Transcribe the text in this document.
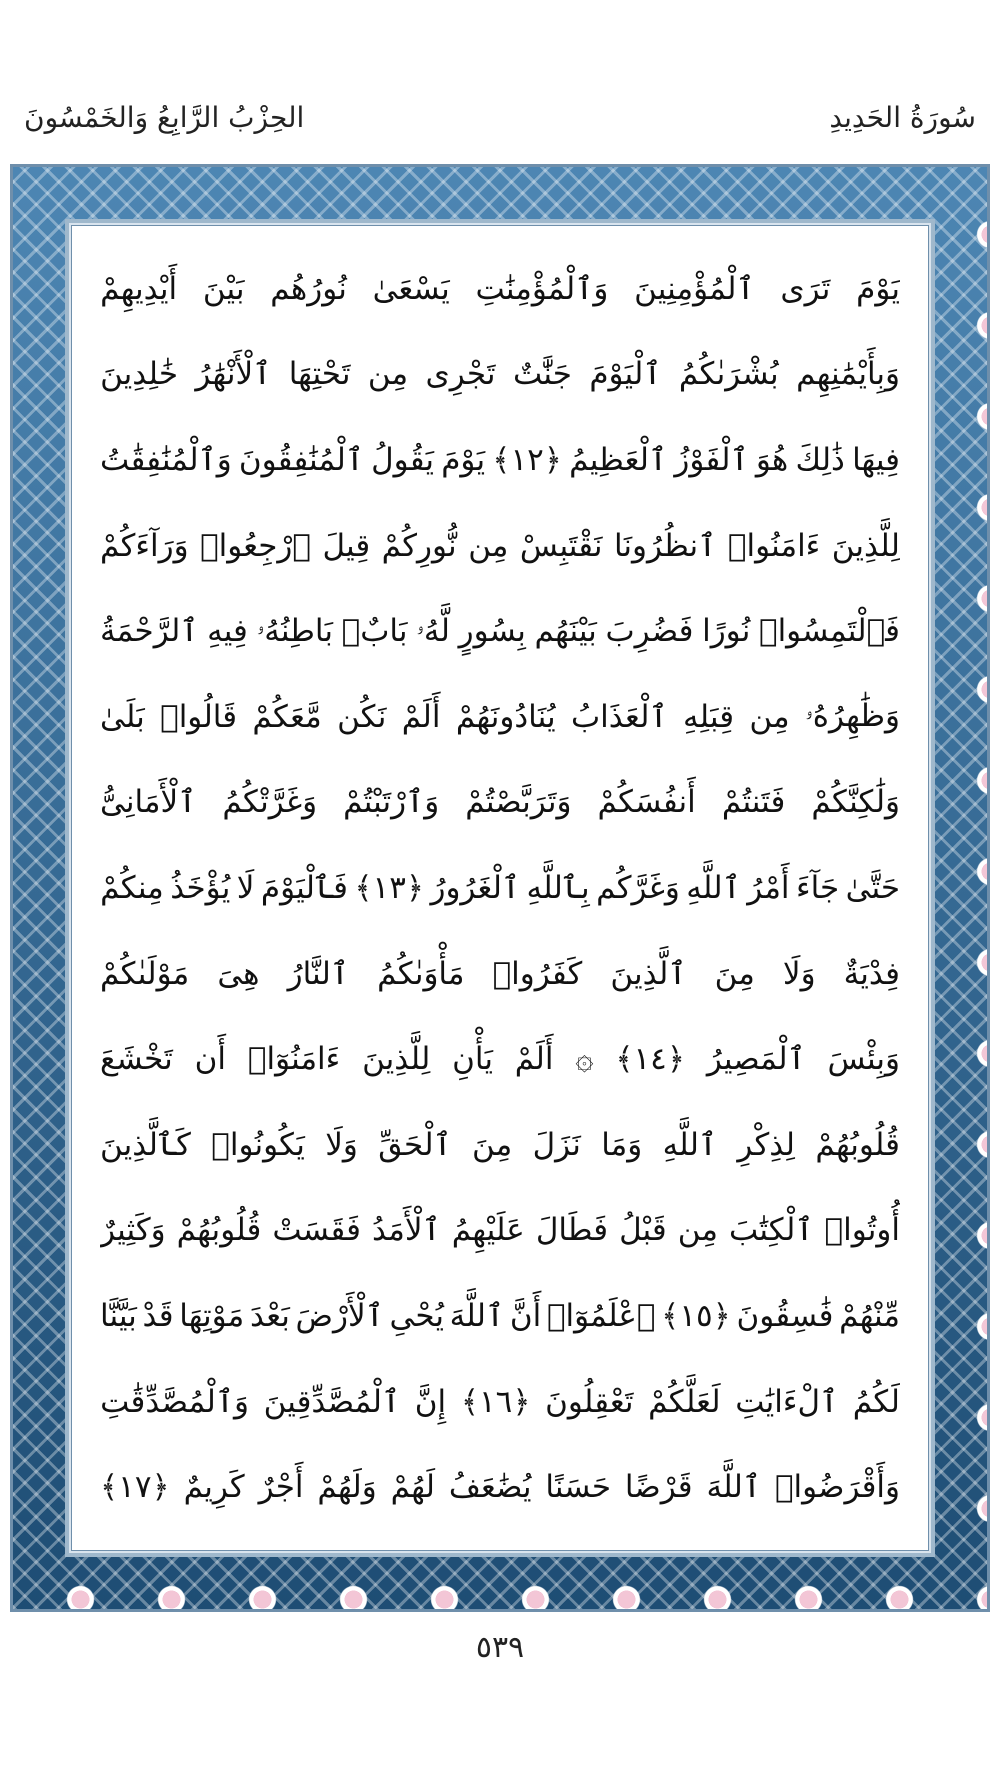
سُورَةُ الحَدِيدِ
الحِزْبُ الرَّابِعُ وَالخَمْسُونَ
يَوْمَ
تَرَى
ٱلْمُؤْمِنِينَ
وَٱلْمُؤْمِنَٰتِ
يَسْعَىٰ
نُورُهُم
بَيْنَ
أَيْدِيهِمْ
وَبِأَيْمَٰنِهِم
بُشْرَىٰكُمُ
ٱلْيَوْمَ
جَنَّٰتٌ
تَجْرِى
مِن
تَحْتِهَا
ٱلْأَنْهَٰرُ
خَٰلِدِينَ
فِيهَا
ذَٰلِكَ
هُوَ
ٱلْفَوْزُ
ٱلْعَظِيمُ
﴿١٢﴾
يَوْمَ
يَقُولُ
ٱلْمُنَٰفِقُونَ
وَٱلْمُنَٰفِقَٰتُ
لِلَّذِينَ
ءَامَنُوا۟
ٱنظُرُونَا
نَقْتَبِسْ
مِن
نُّورِكُمْ
قِيلَ
ٱرْجِعُوا۟
وَرَآءَكُمْ
فَٱلْتَمِسُوا۟
نُورًا
فَضُرِبَ
بَيْنَهُم
بِسُورٍ
لَّهُۥ
بَابٌۢ
بَاطِنُهُۥ
فِيهِ
ٱلرَّحْمَةُ
وَظَٰهِرُهُۥ
مِن
قِبَلِهِ
ٱلْعَذَابُ
يُنَادُونَهُمْ
أَلَمْ
نَكُن
مَّعَكُمْ
قَالُوا۟
بَلَىٰ
وَلَٰكِنَّكُمْ
فَتَنتُمْ
أَنفُسَكُمْ
وَتَرَبَّصْتُمْ
وَٱرْتَبْتُمْ
وَغَرَّتْكُمُ
ٱلْأَمَانِىُّ
حَتَّىٰ
جَآءَ
أَمْرُ
ٱللَّهِ
وَغَرَّكُم
بِٱللَّهِ
ٱلْغَرُورُ
﴿١٣﴾
فَٱلْيَوْمَ
لَا
يُؤْخَذُ
مِنكُمْ
فِدْيَةٌ
وَلَا
مِنَ
ٱلَّذِينَ
كَفَرُوا۟
مَأْوَىٰكُمُ
ٱلنَّارُ
هِىَ
مَوْلَىٰكُمْ
وَبِئْسَ
ٱلْمَصِيرُ
﴿١٤﴾
۞
أَلَمْ
يَأْنِ
لِلَّذِينَ
ءَامَنُوٓا۟
أَن
تَخْشَعَ
قُلُوبُهُمْ
لِذِكْرِ
ٱللَّهِ
وَمَا
نَزَلَ
مِنَ
ٱلْحَقِّ
وَلَا
يَكُونُوا۟
كَٱلَّذِينَ
أُوتُوا۟
ٱلْكِتَٰبَ
مِن
قَبْلُ
فَطَالَ
عَلَيْهِمُ
ٱلْأَمَدُ
فَقَسَتْ
قُلُوبُهُمْ
وَكَثِيرٌ
مِّنْهُمْ
فَٰسِقُونَ
﴿١٥﴾
ٱعْلَمُوٓا۟
أَنَّ
ٱللَّهَ
يُحْىِ
ٱلْأَرْضَ
بَعْدَ
مَوْتِهَا
قَدْ
بَيَّنَّا
لَكُمُ
ٱلْءَايَٰتِ
لَعَلَّكُمْ
تَعْقِلُونَ
﴿١٦﴾
إِنَّ
ٱلْمُصَّدِّقِينَ
وَٱلْمُصَّدِّقَٰتِ
وَأَقْرَضُوا۟
ٱللَّهَ
قَرْضًا
حَسَنًا
يُضَٰعَفُ
لَهُمْ
وَلَهُمْ
أَجْرٌ
كَرِيمٌ
﴿١٧﴾
٥٣٩
